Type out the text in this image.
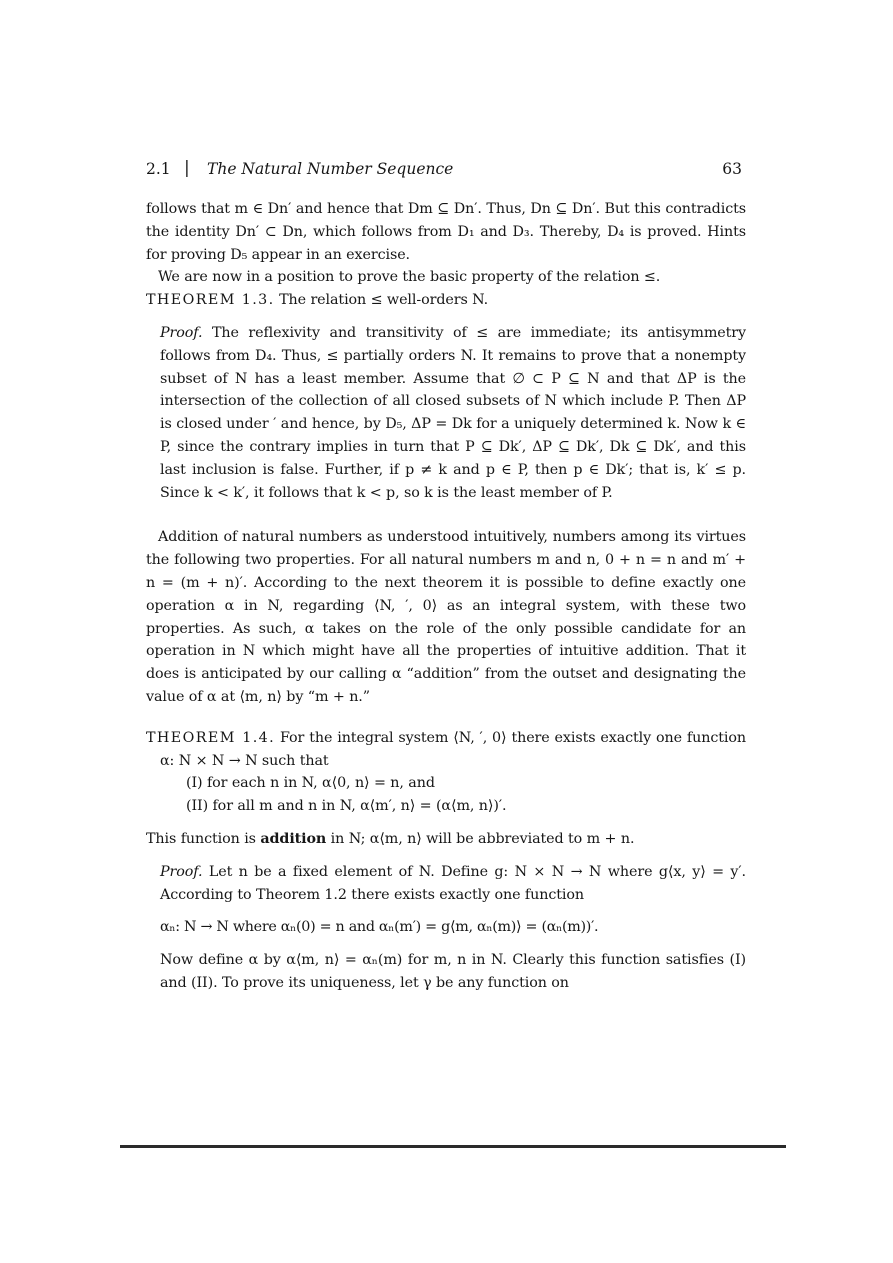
2.1 | The Natural Number Sequence	63

follows that m ∈ Dn′ and hence that Dm ⊆ Dn′. Thus, Dn ⊆ Dn′. But this contradicts the identity Dn′ ⊂ Dn, which follows from D₁ and D₃. Thereby, D₄ is proved. Hints for proving D₅ appear in an exercise.

We are now in a position to prove the basic property of the relation ≤.

THEOREM 1.3. The relation ≤ well-orders N.

Proof. The reflexivity and transitivity of ≤ are immediate; its antisymmetry follows from D₄. Thus, ≤ partially orders N. It remains to prove that a nonempty subset of N has a least member. Assume that ∅ ⊂ P ⊆ N and that ΔP is the intersection of the collection of all closed subsets of N which include P. Then ΔP is closed under ′ and hence, by D₅, ΔP = Dk for a uniquely determined k. Now k ∈ P, since the contrary implies in turn that P ⊆ Dk′, ΔP ⊆ Dk′, Dk ⊆ Dk′, and this last inclusion is false. Further, if p ≠ k and p ∈ P, then p ∈ Dk′; that is, k′ ≤ p. Since k < k′, it follows that k < p, so k is the least member of P.

Addition of natural numbers as understood intuitively, numbers among its virtues the following two properties. For all natural numbers m and n, 0 + n = n and m′ + n = (m + n)′. According to the next theorem it is possible to define exactly one operation α in N, regarding ⟨N, ′, 0⟩ as an integral system, with these two properties. As such, α takes on the role of the only possible candidate for an operation in N which might have all the properties of intuitive addition. That it does is anticipated by our calling α “addition” from the outset and designating the value of α at ⟨m, n⟩ by “m + n.”

THEOREM 1.4. For the integral system ⟨N, ′, 0⟩ there exists exactly one function α: N × N → N such that

(I) for each n in N, α⟨0, n⟩ = n, and

(II) for all m and n in N, α⟨m′, n⟩ = (α⟨m, n⟩)′.

This function is addition in N; α⟨m, n⟩ will be abbreviated to m + n.

Proof. Let n be a fixed element of N. Define g: N × N → N where g⟨x, y⟩ = y′. According to Theorem 1.2 there exists exactly one function

αₙ: N → N where αₙ(0) = n and αₙ(m′) = g⟨m, αₙ(m)⟩ = (αₙ(m))′.

Now define α by α⟨m, n⟩ = αₙ(m) for m, n in N. Clearly this function satisfies (I) and (II). To prove its uniqueness, let γ be any function on
